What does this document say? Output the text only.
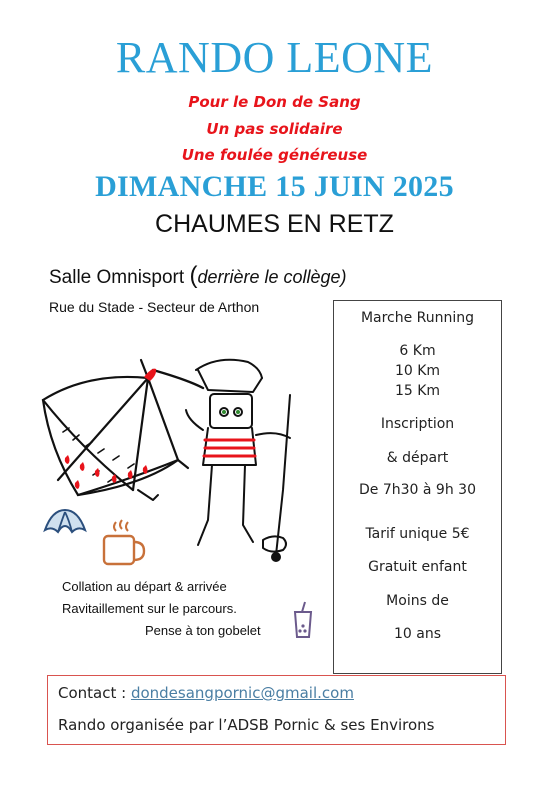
RANDO LEONE
Pour le Don de Sang
Un pas solidaire
Une foulée généreuse
DIMANCHE 15 JUIN 2025
CHAUMES EN RETZ
Salle Omnisport (derrière le collège)
Rue du Stade - Secteur de Arthon
Marche Running
6 Km
10 Km
15 Km
Inscription
& départ
De 7h30 à 9h 30
Tarif unique 5€
Gratuit enfant
Moins de
10 ans
Collation au départ & arrivée
Ravitaillement sur le parcours.
Pense à ton gobelet
Contact : dondesangpornic@gmail.com
Rando organisée par l’ADSB Pornic & ses Environs
